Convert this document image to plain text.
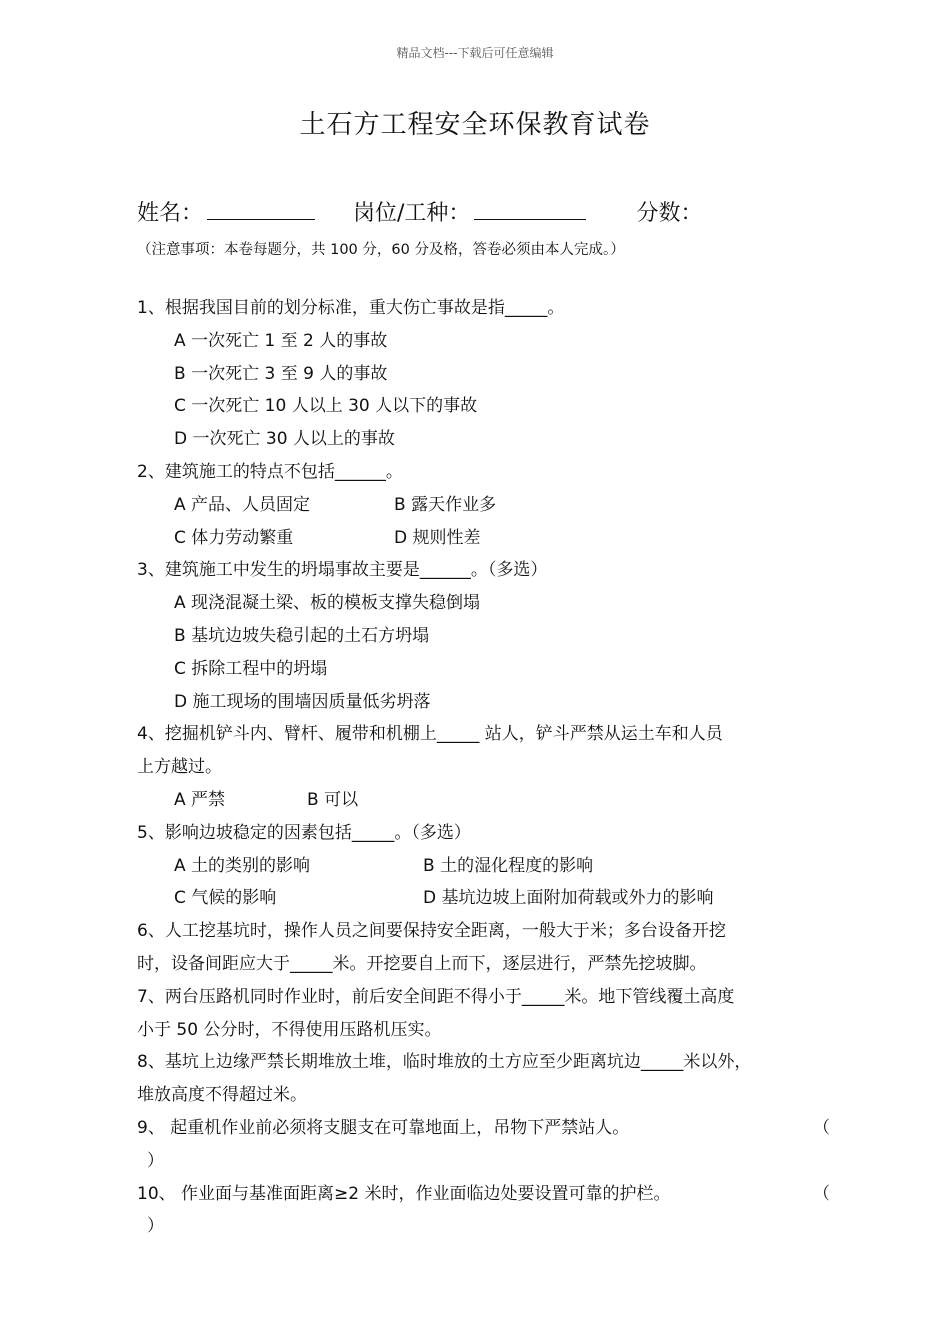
精品文档---下载后可任意编辑
土石方工程安全环保教育试卷
姓名：	岗位/工种：	分数：
（注意事项：本卷每题分，共 100 分，60 分及格，答卷必须由本人完成。）
1、根据我国目前的划分标准，重大伤亡事故是指_____。
A 一次死亡 1 至 2 人的事故
B 一次死亡 3 至 9 人的事故
C 一次死亡 10 人以上 30 人以下的事故
D 一次死亡 30 人以上的事故
2、建筑施工的特点不包括______。
A 产品、人员固定	B 露天作业多
C 体力劳动繁重	D 规则性差
3、建筑施工中发生的坍塌事故主要是______。（多选）
A 现浇混凝土梁、板的模板支撑失稳倒塌
B 基坑边坡失稳引起的土石方坍塌
C 拆除工程中的坍塌
D 施工现场的围墙因质量低劣坍落
4、挖掘机铲斗内、臂杆、履带和机棚上_____ 站人，铲斗严禁从运土车和人员
上方越过。
A 严禁	B 可以
5、影响边坡稳定的因素包括_____。（多选）
A 土的类别的影响	B 土的湿化程度的影响
C 气候的影响	D 基坑边坡上面附加荷载或外力的影响
6、人工挖基坑时，操作人员之间要保持安全距离，一般大于米；多台设备开挖
时，设备间距应大于_____米。开挖要自上而下，逐层进行，严禁先挖坡脚。
7、两台压路机同时作业时，前后安全间距不得小于_____米。地下管线覆土高度
小于 50 公分时，不得使用压路机压实。
8、基坑上边缘严禁长期堆放土堆，临时堆放的土方应至少距离坑边_____米以外，
堆放高度不得超过米。
9、 起重机作业前必须将支腿支在可靠地面上，吊物下严禁站人。	（
）
10、 作业面与基准面距离≥2 米时，作业面临边处要设置可靠的护栏。	（
）
